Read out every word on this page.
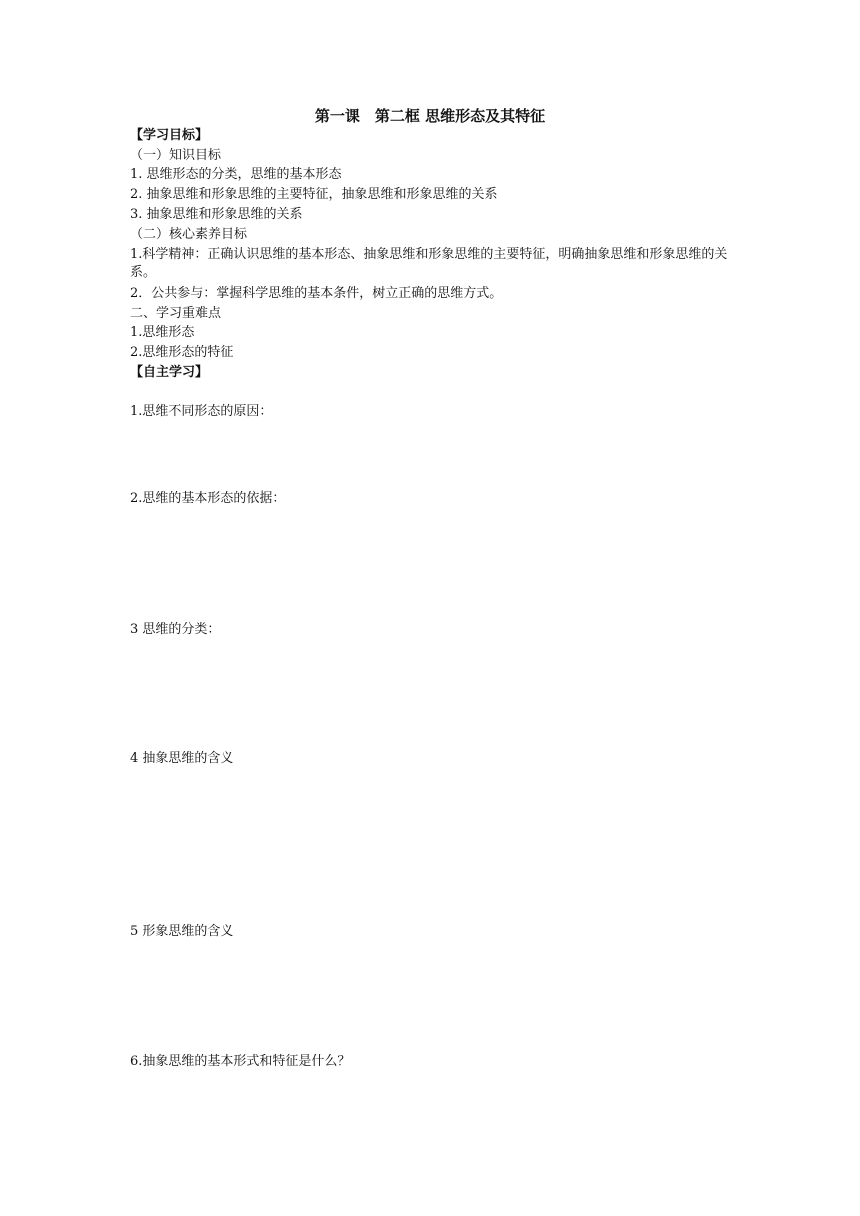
第一课　第二框 思维形态及其特征
【学习目标】
（一）知识目标
1. 思维形态的分类，思维的基本形态
2. 抽象思维和形象思维的主要特征，抽象思维和形象思维的关系
3. 抽象思维和形象思维的关系
（二）核心素养目标
1.科学精神：正确认识思维的基本形态、抽象思维和形象思维的主要特征，明确抽象思维和形象思维的关系。
2．公共参与：掌握科学思维的基本条件，树立正确的思维方式。
二、学习重难点
1.思维形态
2.思维形态的特征
【自主学习】
1.思维不同形态的原因：
2.思维的基本形态的依据：
3 思维的分类：
4 抽象思维的含义
5 形象思维的含义
6.抽象思维的基本形式和特征是什么？
